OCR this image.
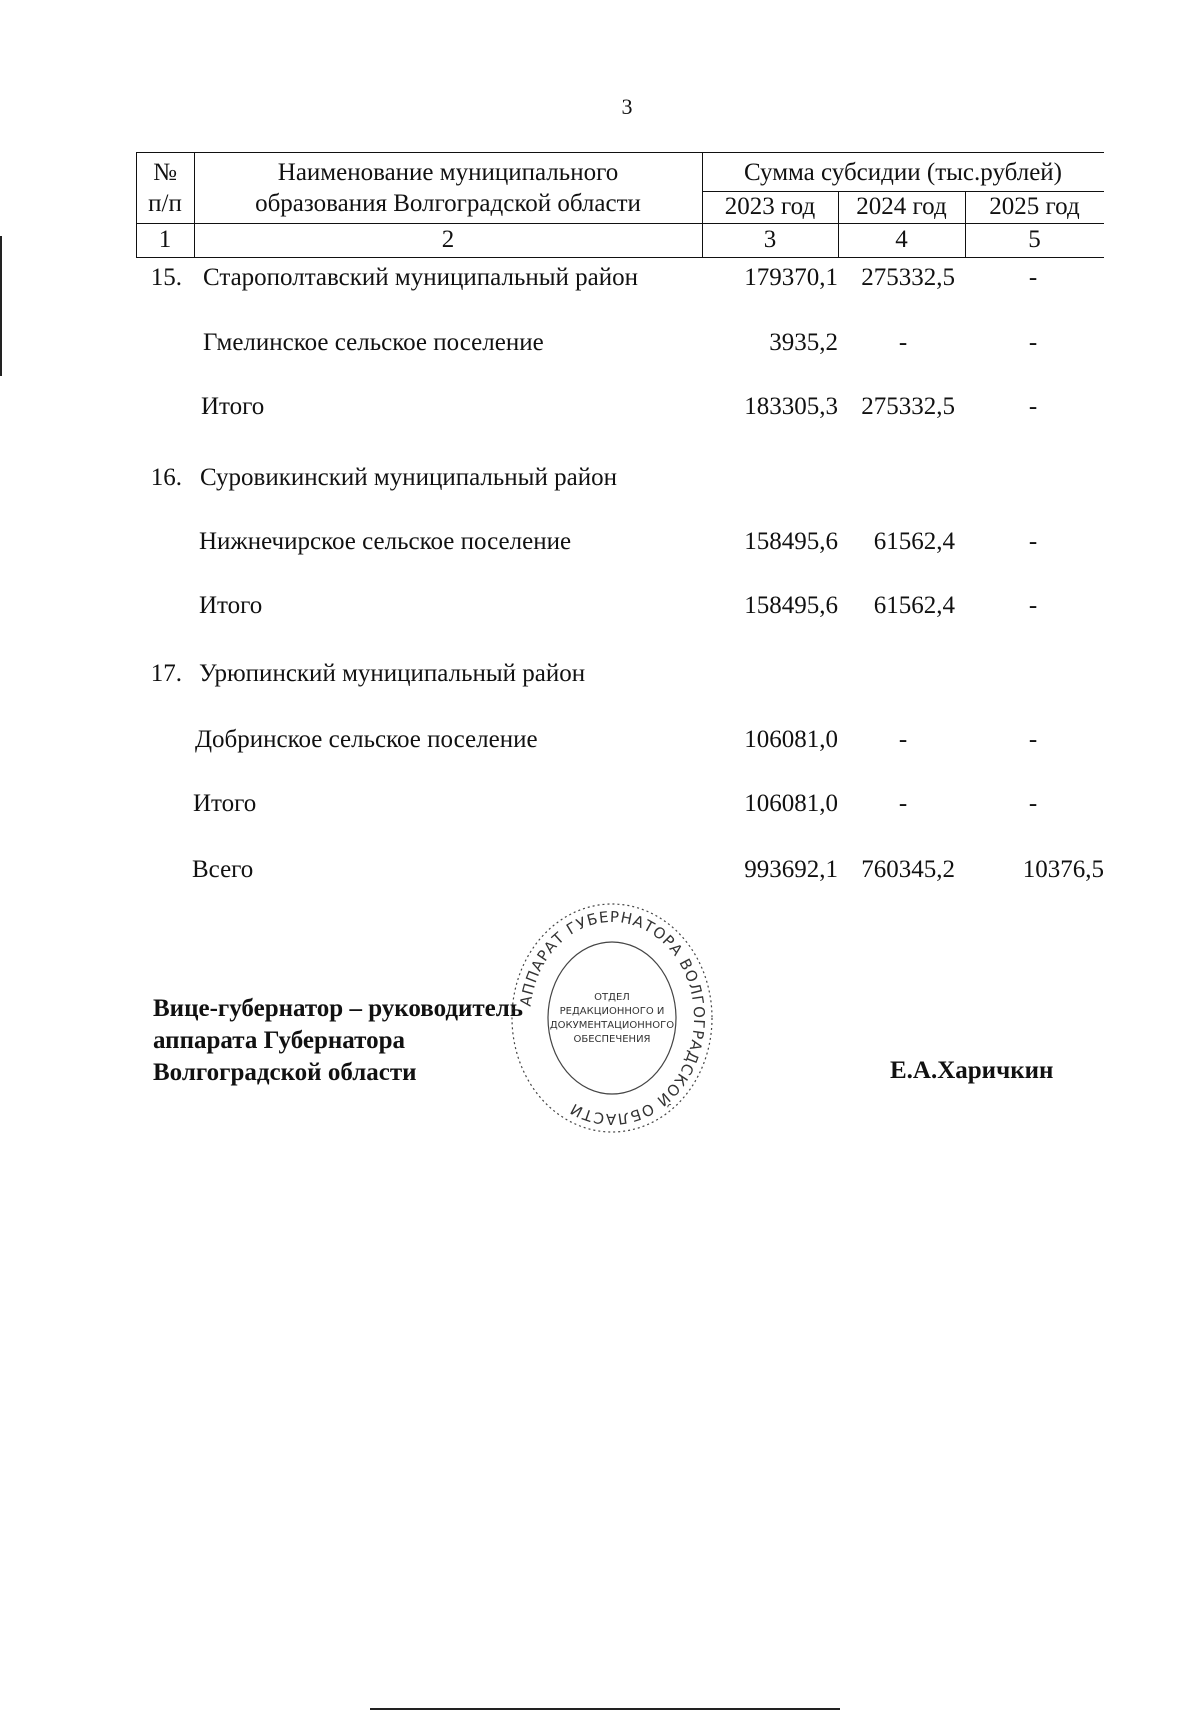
3
№
п/п
Наименование муниципального
образования Волгоградской области
Сумма субсидии (тыс.рублей)
2023 год	2024 год	2025 год
1	2	3	4	5
15. Старополтавский муниципальный район	179370,1 275332,5	-
Гмелинское сельское поселение	3935,2	-	-
Итого	183305,3 275332,5	-
16. Суровикинский муниципальный район
Нижнечирское сельское поселение	158495,6	61562,4	-
Итого	158495,6	61562,4	-
17. Урюпинский муниципальный район
Добринское сельское поселение	106081,0	-	-
Итого	106081,0	-	-
Всего	993692,1 760345,2	10376,5
Вице-губернатор – руководитель
аппарата Губернатора
Волгоградской области	Е.А.Харичкин
АППАРАТ ГУБЕРНАТОРА ВОЛГОГРАДСКОЙ ОБЛАСТИ
ОТДЕЛ
РЕДАКЦИОННОГО И
ДОКУМЕНТАЦИОННОГО
ОБЕСПЕЧЕНИЯ
